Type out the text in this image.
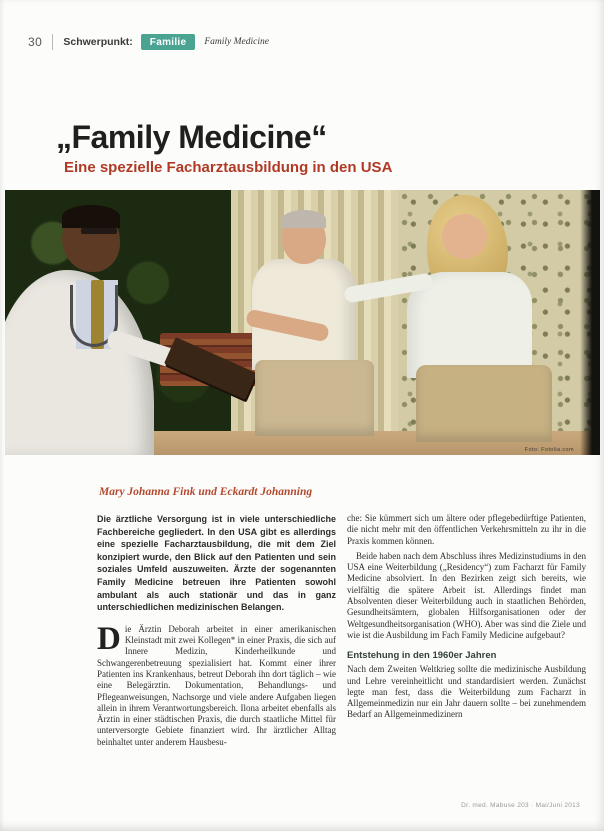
30 Schwerpunkt:	Familie	Family Medicine
„Family Medicine“
Eine spezielle Facharztausbildung in den USA
Foto: Fotolia.com
Mary Johanna Fink und Eckardt Johanning

Die ärztliche Versorgung ist in viele unterschiedliche Fachbereiche gegliedert. In den USA gibt es allerdings eine spezielle Facharztausbildung, die mit dem Ziel konzipiert wurde, den Blick auf den Patienten und sein soziales Umfeld auszuweiten. Ärzte der sogenannten Family Medicine betreuen ihre Patienten sowohl ambulant als auch stationär und das in ganz unterschiedlichen medizinischen Belangen.

Die Ärztin Deborah arbeitet in einer amerikanischen Kleinstadt mit zwei Kollegen* in einer Praxis, die sich auf Innere Medizin, Kinderheilkunde und Schwangerenbetreuung spezialisiert hat. Kommt einer ihrer Patienten ins Krankenhaus, betreut Deborah ihn dort täglich – wie eine Belegärztin. Dokumentation, Behandlungs- und Pflegeanweisungen, Nachsorge und viele andere Aufgaben liegen allein in ihrem Verantwortungsbereich. Ilona arbeitet ebenfalls als Ärztin in einer städtischen Praxis, die durch staatliche Mittel für unterversorgte Gebiete finanziert wird. Ihr ärztlicher Alltag beinhaltet unter anderem Hausbesu-

che: Sie kümmert sich um ältere oder pflegebedürftige Patienten, die nicht mehr mit den öffentlichen Verkehrsmitteln zu ihr in die Praxis kommen können.

Beide haben nach dem Abschluss ihres Medizinstudiums in den USA eine Weiterbildung („Residency“) zum Facharzt für Family Medicine absolviert. In den Bezirken zeigt sich bereits, wie vielfältig die spätere Arbeit ist. Allerdings findet man Absolventen dieser Weiterbildung auch in staatlichen Behörden, Gesundheitsämtern, globalen Hilfsorganisationen oder der Weltgesundheitsorganisation (WHO). Aber was sind die Ziele und wie ist die Ausbildung im Fach Family Medicine aufgebaut?

Entstehung in den 1960er Jahren

Nach dem Zweiten Weltkrieg sollte die medizinische Ausbildung und Lehre vereinheitlicht und standardisiert werden. Zunächst legte man fest, dass die Weiterbildung zum Facharzt in Allgemeinmedizin nur ein Jahr dauern sollte – bei zunehmendem Bedarf an Allgemeinmedizinern

Dr. med. Mabuse 203 · Mai/Juni 2013
